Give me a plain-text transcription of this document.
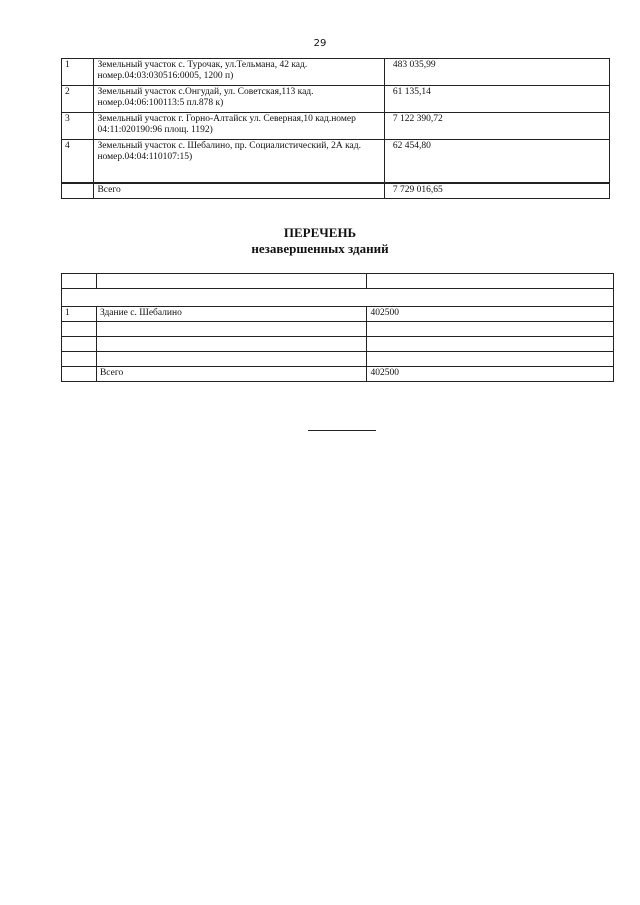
29
1	Земельный участок с. Турочак, ул.Тельмана, 42 кад. номер.04:03:030516:0005, 1200 п)	483 035,99
2	Земельный участок с.Онгудай, ул. Советская,113 кад. номер.04:06:100113:5 пл.878 к)	61 135,14
3	Земельный участок г. Горно-Алтайск ул. Северная,10 кад.номер 04:11:020190:96 площ. 1192)	7 122 390,72
4	Земельный участок с. Шебалино, пр. Социалистический, 2А кад. номер.04:04:110107:15)	62 454,80
	Всего	7 729 016,65
ПЕРЕЧЕНЬ
незавершенных зданий

1	Здание с. Шебалино	402500

	Всего	402500
